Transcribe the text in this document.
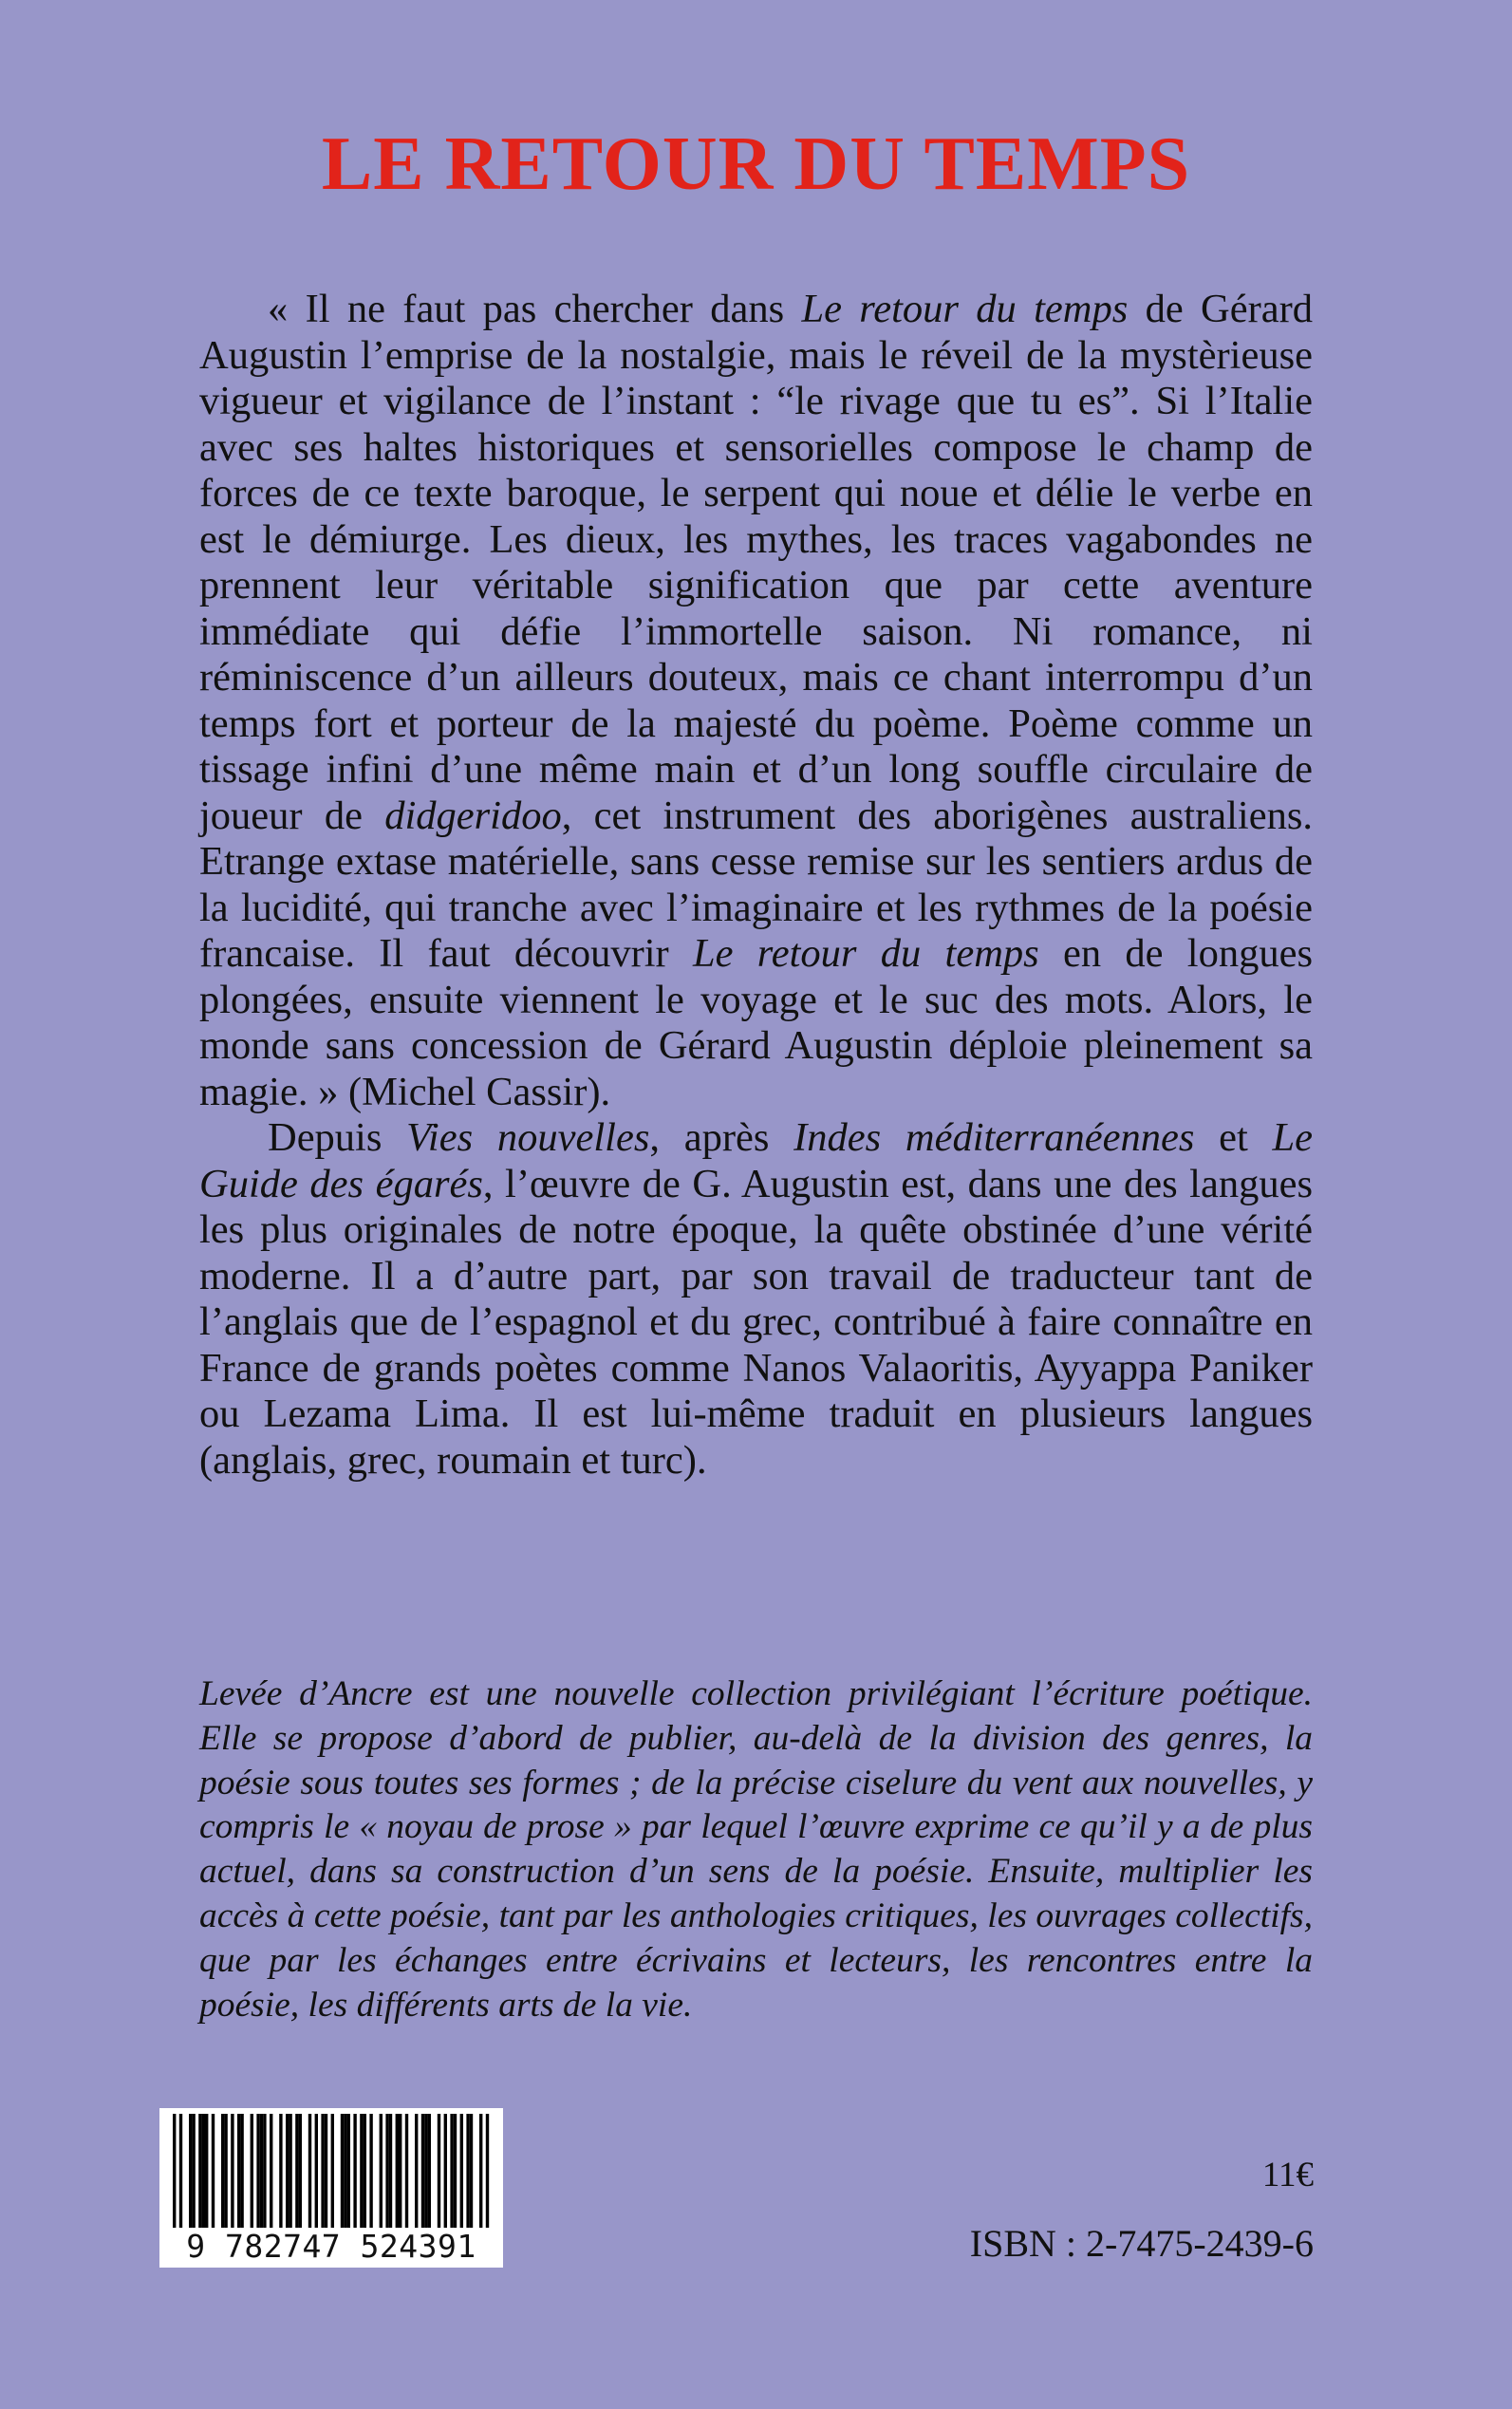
LE RETOUR DU TEMPS

« Il ne faut pas chercher dans Le retour du temps de Gérard Augustin l’emprise de la nostalgie, mais le réveil de la mystèrieuse vigueur et vigilance de l’instant : “le rivage que tu es”. Si l’Italie avec ses haltes historiques et sensorielles compose le champ de forces de ce texte baroque, le serpent qui noue et délie le verbe en est le démiurge. Les dieux, les mythes, les traces vagabondes ne prennent leur véritable signification que par cette aventure immédiate qui défie l’immortelle saison. Ni romance, ni réminiscence d’un ailleurs douteux, mais ce chant interrompu d’un temps fort et porteur de la majesté du poème. Poème comme un tissage infini d’une même main et d’un long souffle circulaire de joueur de didgeridoo, cet instrument des aborigènes australiens. Etrange extase matérielle, sans cesse remise sur les sentiers ardus de la lucidité, qui tranche avec l’imaginaire et les rythmes de la poésie francaise. Il faut découvrir Le retour du temps en de longues plongées, ensuite viennent le voyage et le suc des mots. Alors, le monde sans concession de Gérard Augustin déploie pleinement sa magie. » (Michel Cassir).

Depuis Vies nouvelles, après Indes méditerranéennes et Le Guide des égarés, l’œuvre de G. Augustin est, dans une des langues les plus originales de notre époque, la quête obstinée d’une vérité moderne. Il a d’autre part, par son travail de traducteur tant de l’anglais que de l’espagnol et du grec, contribué à faire connaître en France de grands poètes comme Nanos Valaoritis, Ayyappa Paniker ou Lezama Lima. Il est lui-même traduit en plusieurs langues (anglais, grec, roumain et turc).

Levée d’Ancre est une nouvelle collection privilégiant l’écriture poétique. Elle se propose d’abord de publier, au-delà de la division des genres, la poésie sous toutes ses formes ; de la précise ciselure du vent aux nouvelles, y compris le « noyau de prose » par lequel l’œuvre exprime ce qu’il y a de plus actuel, dans sa construction d’un sens de la poésie. Ensuite, multiplier les accès à cette poésie, tant par les anthologies critiques, les ouvrages collectifs, que par les échanges entre écrivains et lecteurs, les rencontres entre la poésie, les différents arts de la vie.

9 782747 524391
11€
ISBN : 2-7475-2439-6
